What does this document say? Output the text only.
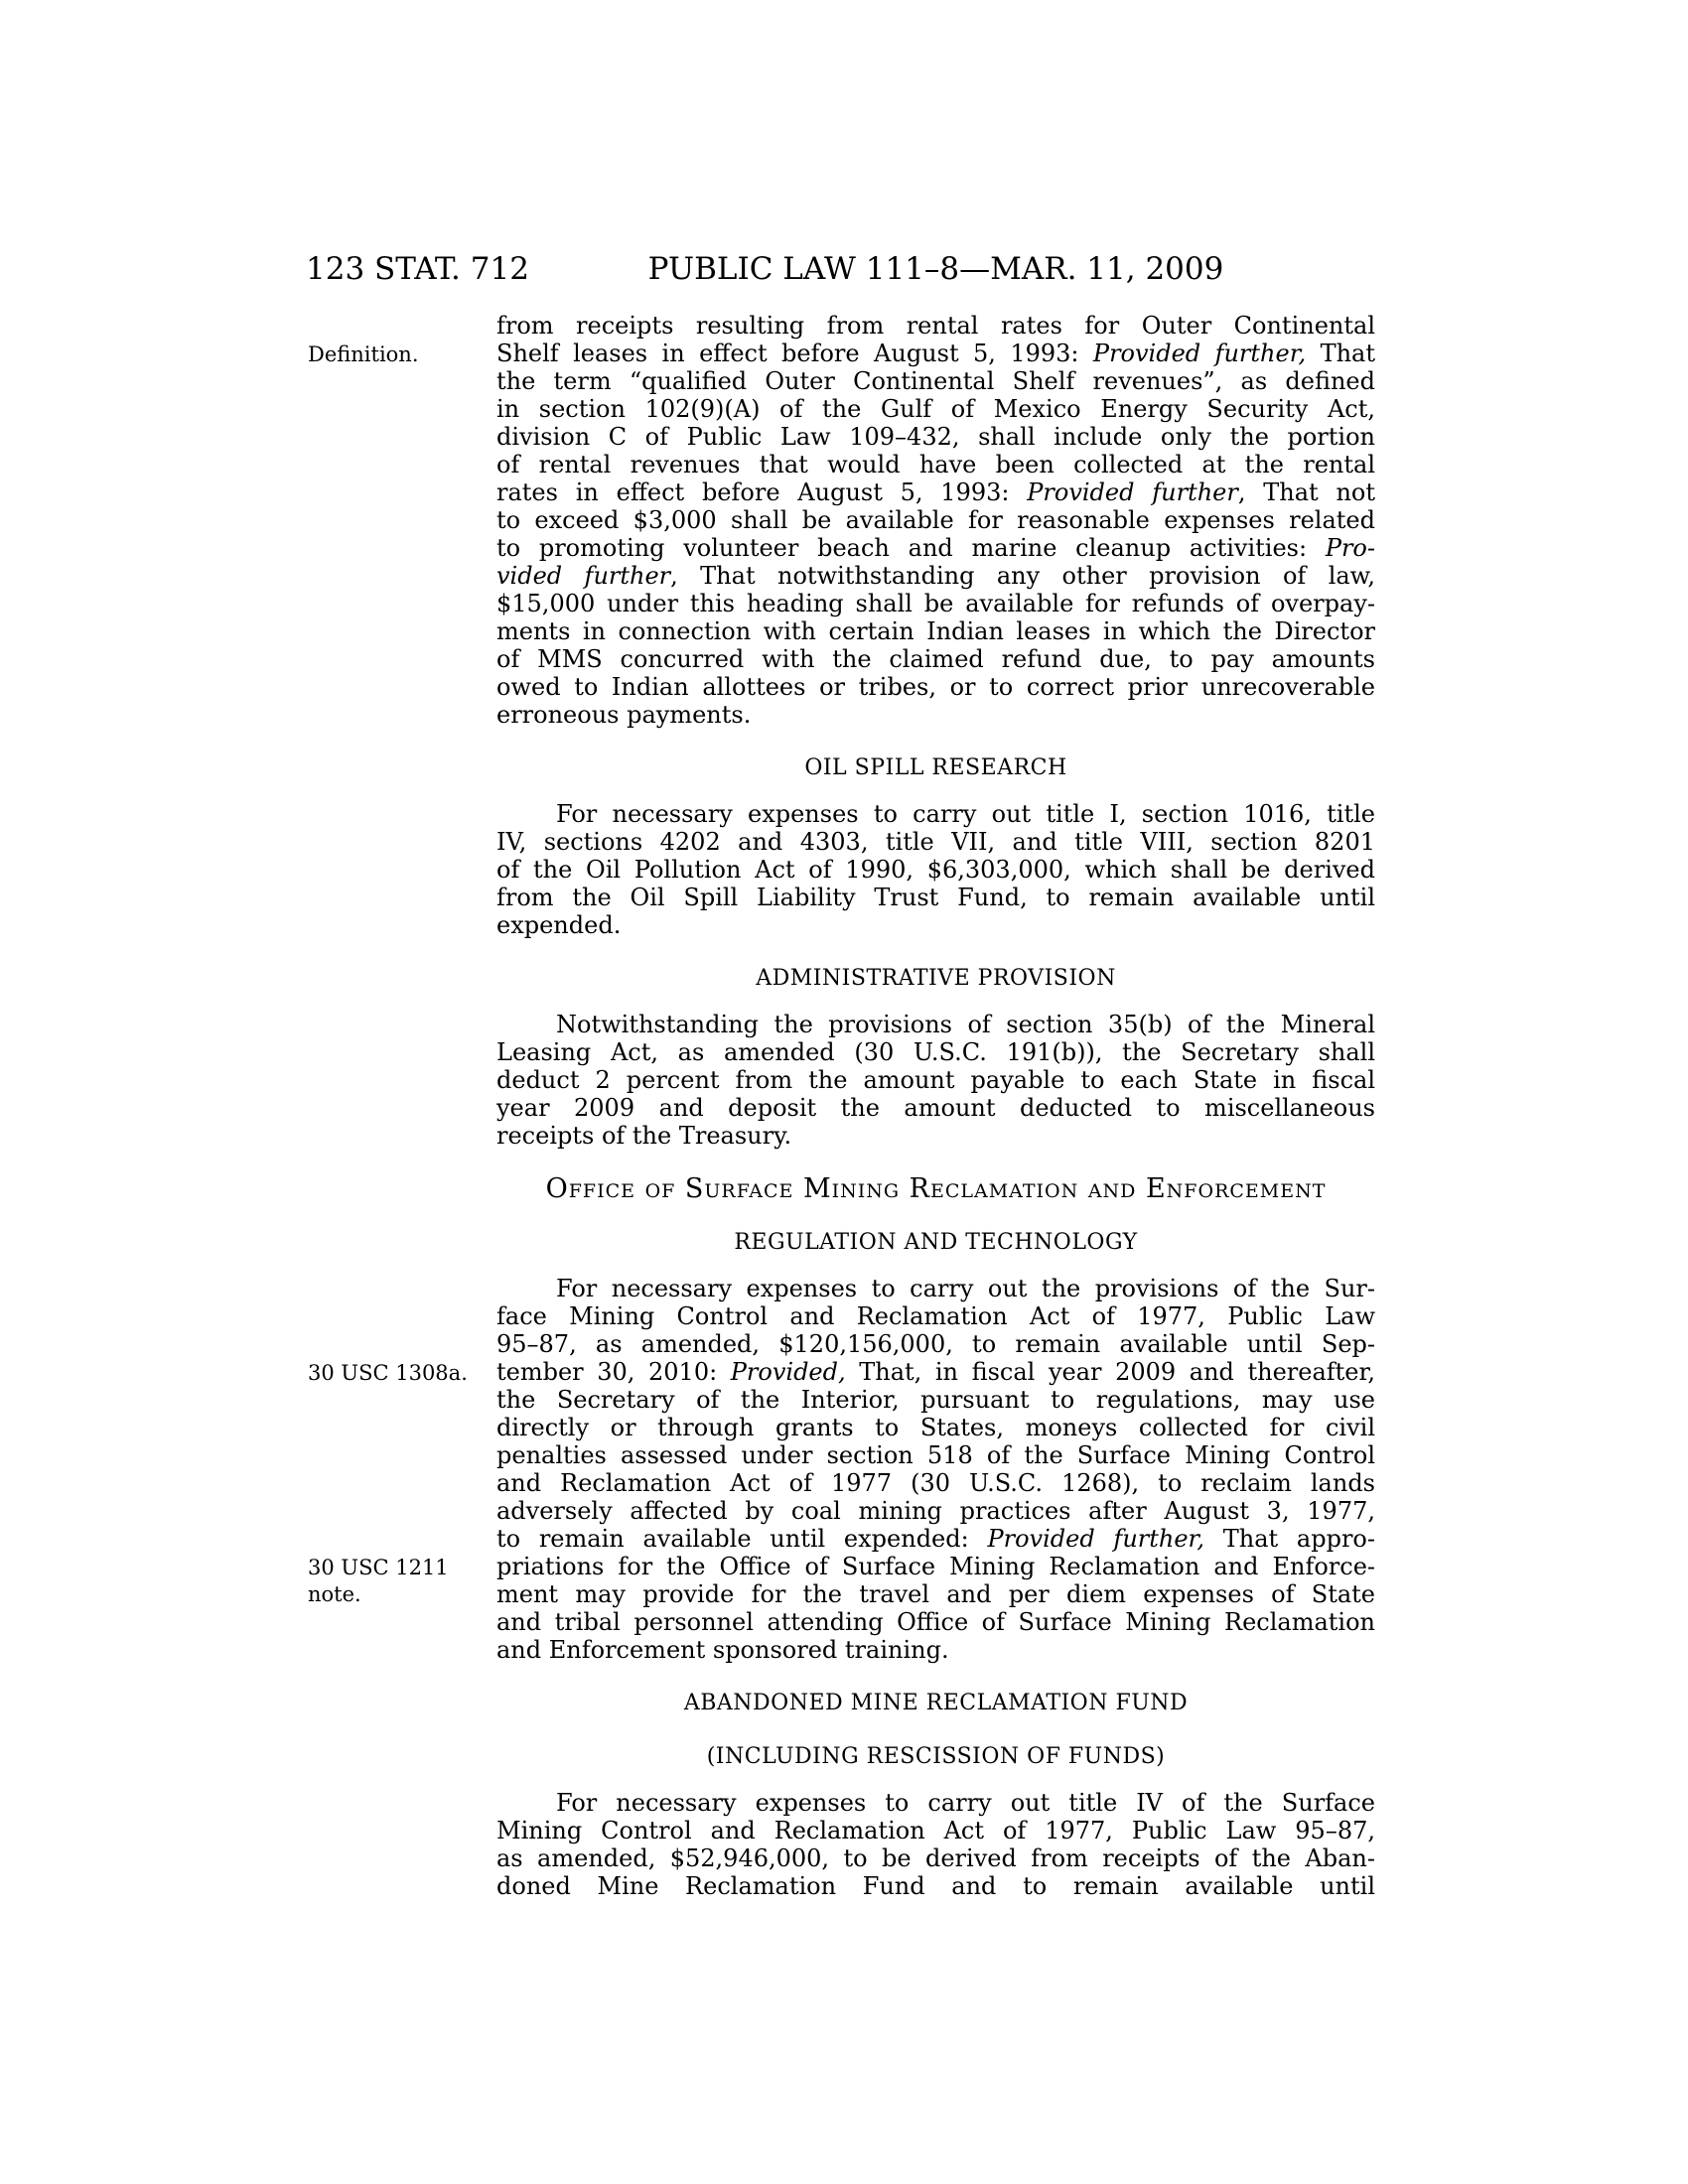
123 STAT. 712	PUBLIC LAW 111–8—MAR. 11, 2009
Definition.
30 USC 1308a.
30 USC 1211 note.
from receipts resulting from rental rates for Outer Continental
Shelf leases in effect before August 5, 1993: Provided further, That
the term “qualified Outer Continental Shelf revenues”, as defined
in section 102(9)(A) of the Gulf of Mexico Energy Security Act,
division C of Public Law 109–432, shall include only the portion
of rental revenues that would have been collected at the rental
rates in effect before August 5, 1993: Provided further, That not
to exceed $3,000 shall be available for reasonable expenses related
to promoting volunteer beach and marine cleanup activities: Pro-
vided further, That notwithstanding any other provision of law,
$15,000 under this heading shall be available for refunds of overpay-
ments in connection with certain Indian leases in which the Director
of MMS concurred with the claimed refund due, to pay amounts
owed to Indian allottees or tribes, or to correct prior unrecoverable
erroneous payments.
OIL SPILL RESEARCH
For necessary expenses to carry out title I, section 1016, title
IV, sections 4202 and 4303, title VII, and title VIII, section 8201
of the Oil Pollution Act of 1990, $6,303,000, which shall be derived
from the Oil Spill Liability Trust Fund, to remain available until
expended.
ADMINISTRATIVE PROVISION
Notwithstanding the provisions of section 35(b) of the Mineral
Leasing Act, as amended (30 U.S.C. 191(b)), the Secretary shall
deduct 2 percent from the amount payable to each State in fiscal
year 2009 and deposit the amount deducted to miscellaneous
receipts of the Treasury.
Office of Surface Mining Reclamation and Enforcement
REGULATION AND TECHNOLOGY
For necessary expenses to carry out the provisions of the Sur-
face Mining Control and Reclamation Act of 1977, Public Law
95–87, as amended, $120,156,000, to remain available until Sep-
tember 30, 2010: Provided, That, in fiscal year 2009 and thereafter,
the Secretary of the Interior, pursuant to regulations, may use
directly or through grants to States, moneys collected for civil
penalties assessed under section 518 of the Surface Mining Control
and Reclamation Act of 1977 (30 U.S.C. 1268), to reclaim lands
adversely affected by coal mining practices after August 3, 1977,
to remain available until expended: Provided further, That appro-
priations for the Office of Surface Mining Reclamation and Enforce-
ment may provide for the travel and per diem expenses of State
and tribal personnel attending Office of Surface Mining Reclamation
and Enforcement sponsored training.
ABANDONED MINE RECLAMATION FUND
(INCLUDING RESCISSION OF FUNDS)
For necessary expenses to carry out title IV of the Surface
Mining Control and Reclamation Act of 1977, Public Law 95–87,
as amended, $52,946,000, to be derived from receipts of the Aban-
doned Mine Reclamation Fund and to remain available until
